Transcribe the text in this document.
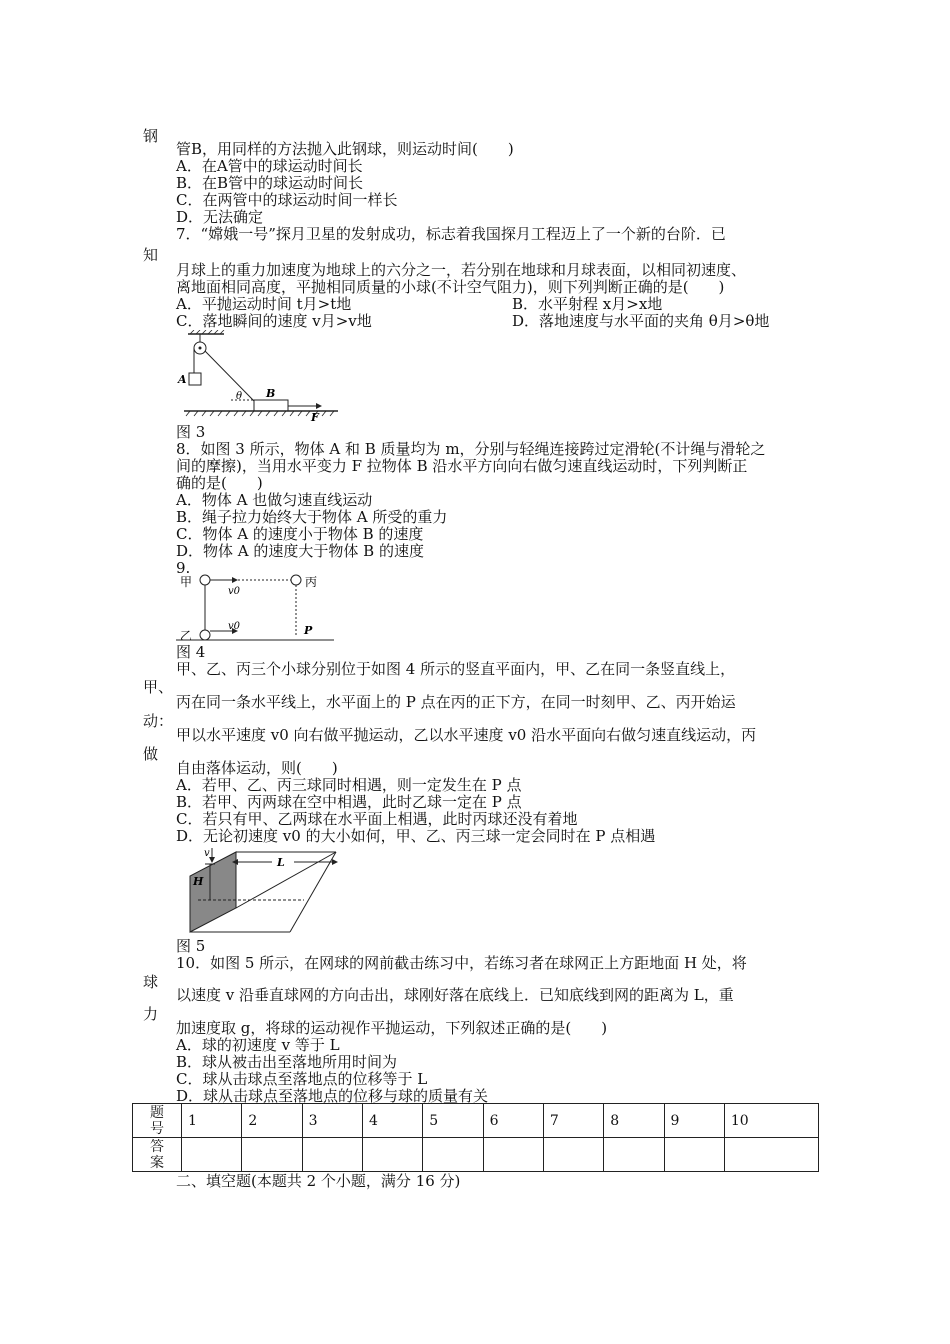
钢
管B，用同样的方法抛入此钢球，则运动时间(　　)
A．在A管中的球运动时间长
B．在B管中的球运动时间长
C．在两管中的球运动时间一样长
D．无法确定
7．“嫦娥一号”探月卫星的发射成功，标志着我国探月工程迈上了一个新的台阶．已
知
月球上的重力加速度为地球上的六分之一，若分别在地球和月球表面，以相同初速度、
离地面相同高度，平抛相同质量的小球(不计空气阻力)，则下列判断正确的是(　　)
A．平抛运动时间 t月>t地	B．水平射程 x月>x地
C．落地瞬间的速度 v月>v地	D．落地速度与水平面的夹角 θ月>θ地
A
B
F
θ
图 3
8．如图 3 所示，物体 A 和 B 质量均为 m，分别与轻绳连接跨过定滑轮(不计绳与滑轮之
间的摩擦)，当用水平变力 F 拉物体 B 沿水平方向向右做匀速直线运动时，下列判断正
确的是(　　)
A．物体 A 也做匀速直线运动
B．绳子拉力始终大于物体 A 所受的重力
C．物体 A 的速度小于物体 B 的速度
D．物体 A 的速度大于物体 B 的速度
9.
甲
v0
丙
乙
v0	P
图 4
甲、乙、丙三个小球分别位于如图 4 所示的竖直平面内，甲、乙在同一条竖直线上，
甲、
丙在同一条水平线上，水平面上的 P 点在丙的正下方，在同一时刻甲、乙、丙开始运
动：
甲以水平速度 v0 向右做平抛运动，乙以水平速度 v0 沿水平面向右做匀速直线运动，丙
做
自由落体运动，则(　　)
A．若甲、乙、丙三球同时相遇，则一定发生在 P 点
B．若甲、丙两球在空中相遇，此时乙球一定在 P 点
C．若只有甲、乙两球在水平面上相遇，此时丙球还没有着地
D．无论初速度 v0 的大小如何，甲、乙、丙三球一定会同时在 P 点相遇
v
H
L
图 5
10．如图 5 所示，在网球的网前截击练习中，若练习者在球网正上方距地面 H 处，将
球
以速度 v 沿垂直球网的方向击出，球刚好落在底线上．已知底线到网的距离为 L，重
力
加速度取 g，将球的运动视作平抛运动，下列叙述正确的是(　　)
A．球的初速度 v 等于 L
B．球从被击出至落地所用时间为
C．球从击球点至落地点的位移等于 L
D．球从击球点至落地点的位移与球的质量有关
题号	1	2	3	4	5	6	7	8	9	10
答案										
二、填空题(本题共 2 个小题，满分 16 分)
